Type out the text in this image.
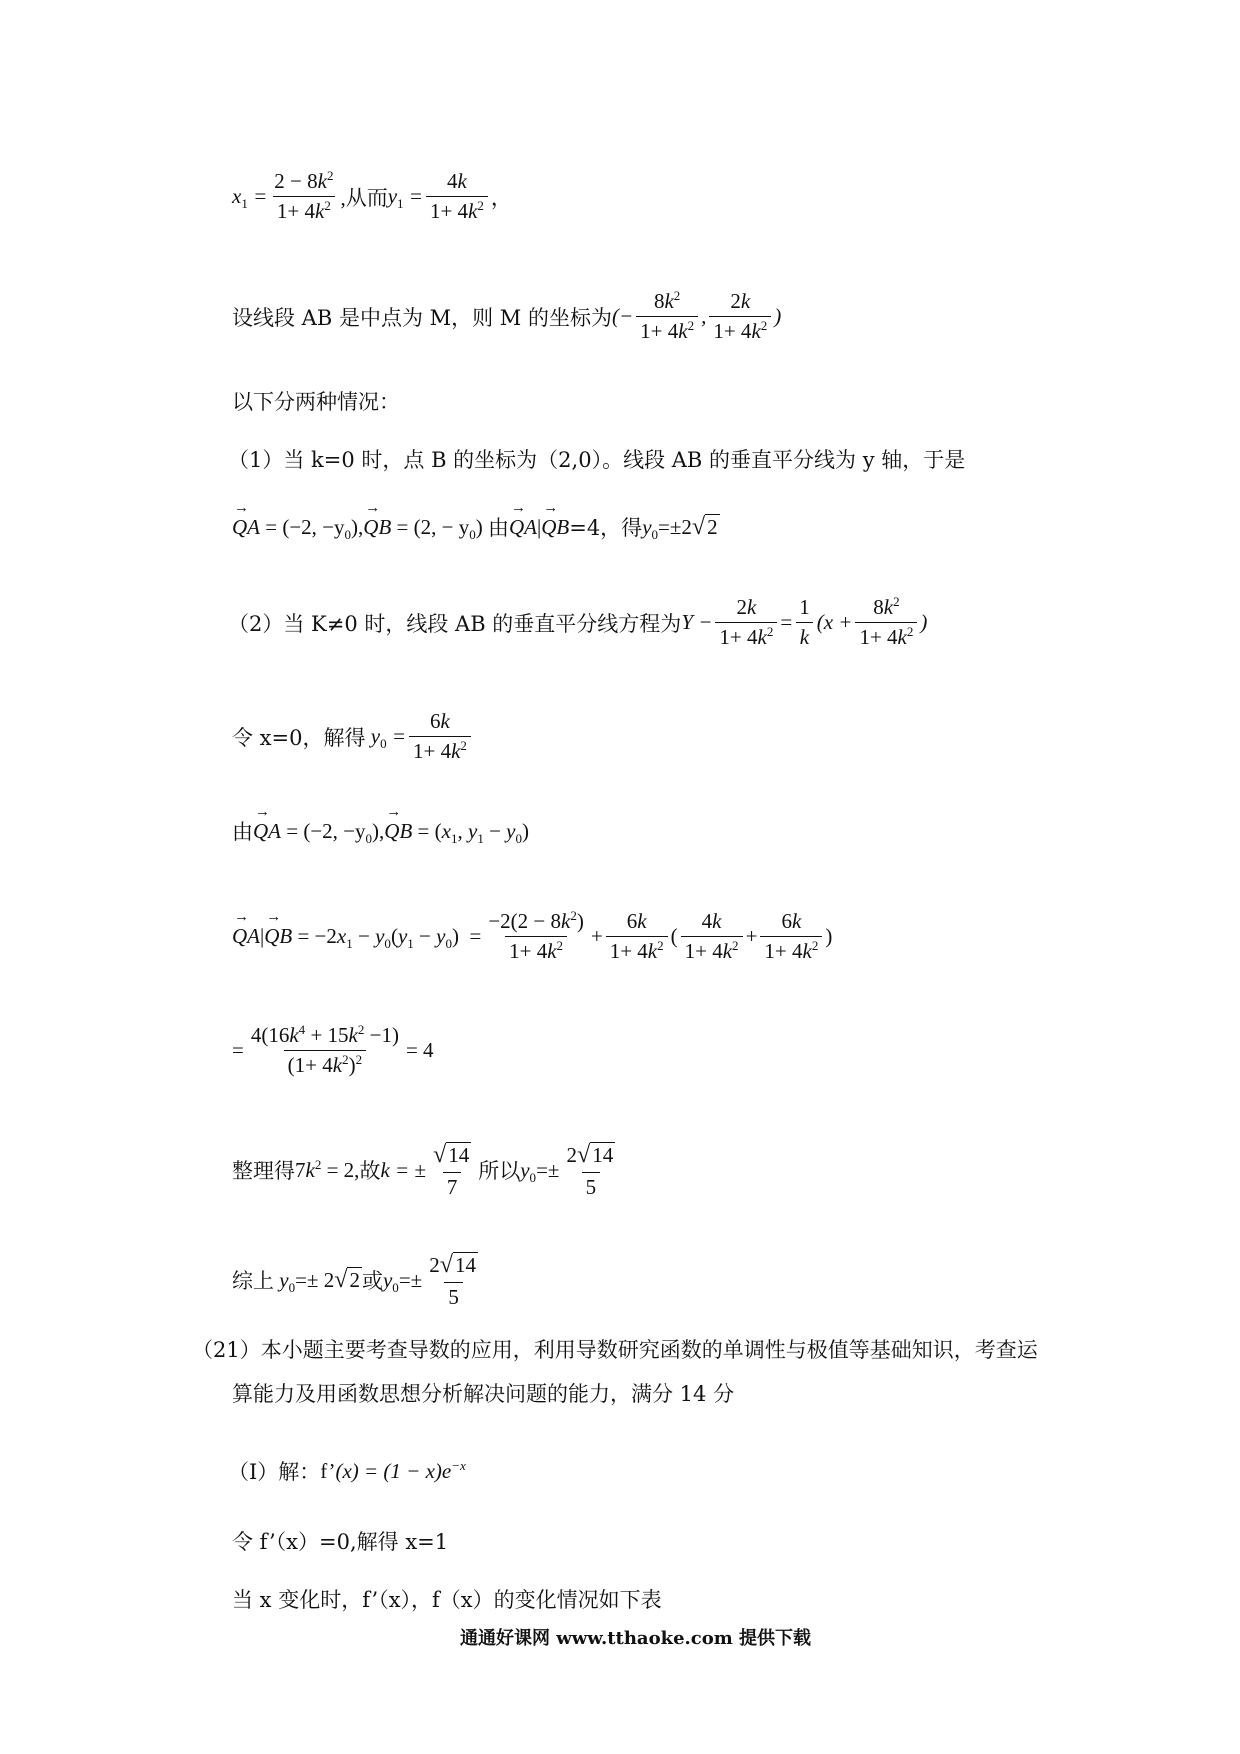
$x_1 = \frac{2 - 8k^2}{1+ 4k^2}$ ,从而 $y_1 = \frac{4k}{1+ 4k^2}$ ，
设线段 AB 是中点为 M，则 M 的坐标为 (− $\frac{8k^2}{1+ 4k^2}$ , $\frac{2k}{1+ 4k^2}$ )
以下分两种情况：
（1）当 k=0 时，点 B 的坐标为（2,0）。线段 AB 的垂直平分线为 y 轴，于是
→ QA = (−2, $-y_0$), → QB = (2, − $y_0$) 由 → QA | → QB =4，得 $y_0 =\pm 2$ √2
（2）当 K≠0 时，线段 AB 的垂直平分线方程为 $Y - \frac{2k}{1+ 4k^2} = \frac{1}{k} (x + \frac{8k^2}{1+ 4k^2}$ )
令 x=0，解得 $y_0 = \frac{6k}{1+ 4k^2}$
由 → QA = (−2, $-y_0$), → QB = ($x_1$, $y_1 - y_0$)
→ QA | → QB = $-2x_1 - y_0(y_1 - y_0) = \frac{-2(2 - 8k^2)}{1+ 4k^2} + \frac{6k}{1+ 4k^2}$ ( $\frac{4k}{1+ 4k^2} + \frac{6k}{1+ 4k^2}$ )
= $\frac{4(16k^4 + 15k^2 -1)}{(1+ 4k^2)^2} = 4$
整理得 $7k^2 = 2$, 故 k = ± $\frac{√14}{7}$ 所以 $y_0 =\pm \frac{2√14}{5}$
综上 $y_0 =\pm 2$ √2 或 $y_0 =\pm \frac{2√14}{5}$
（21）本小题主要考查导数的应用，利用导数研究函数的单调性与极值等基础知识，考查运
算能力及用函数思想分析解决问题的能力，满分 14 分
（Ⅰ）解： f’ $(x) = (1 - x)e^{-x}$
令 f’（x）=0,解得 x=1
当 x 变化时，f’（x），f（x）的变化情况如下表
通通好课网 www.tthaoke.com 提供下载
